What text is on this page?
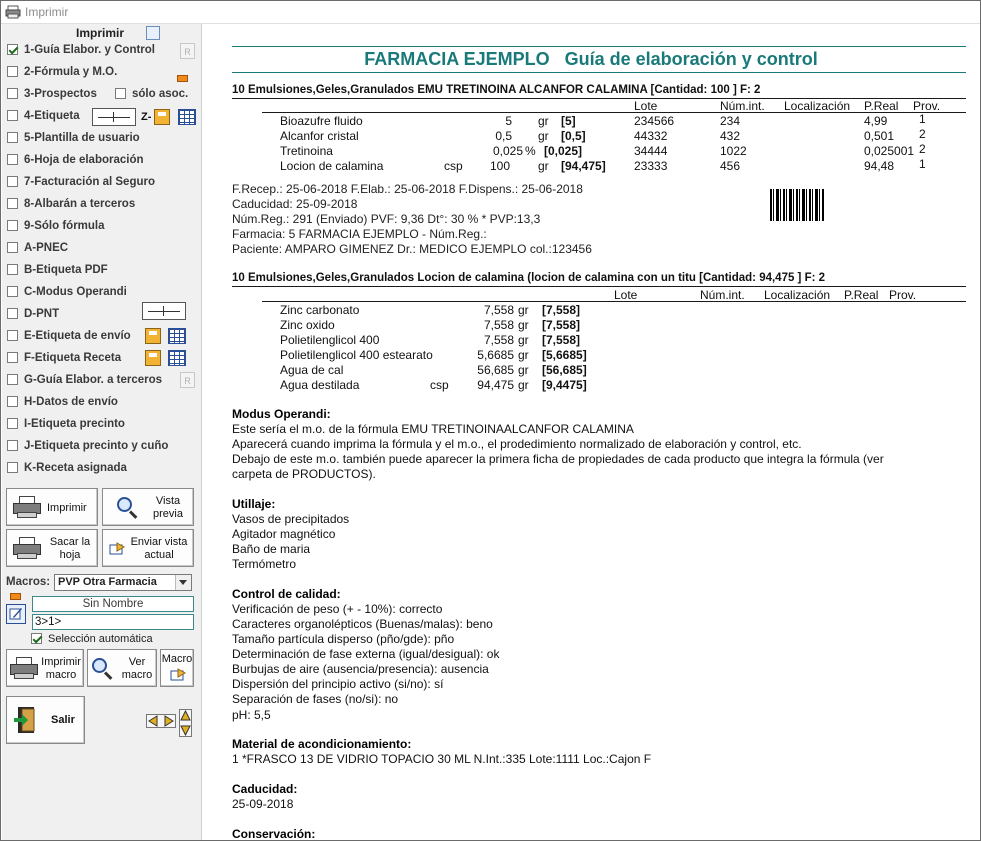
Imprimir
Imprimir
1-Guía Elabor. y Control	R
2-Fórmula y M.O.
3-Prospectos	sólo asoc.
4-Etiqueta	Z-
5-Plantilla de usuario
6-Hoja de elaboración
7-Facturación al Seguro
8-Albarán a terceros
9-Sólo fórmula
A-PNEC
B-Etiqueta PDF
C-Modus Operandi
D-PNT
E-Etiqueta de envío
F-Etiqueta Receta
G-Guía Elabor. a terceros	R
H-Datos de envío
I-Etiqueta precinto
J-Etiqueta precinto y cuño
K-Receta asignada
Imprimir
Vista
previa
Sacar la
hoja
Enviar vista
actual
Macros: PVP Otra Farmacia
Sin Nombre
3>1>
Selección automática
Imprimir
macro
Ver
macro
Macro
Salir
FARMACIA EJEMPLO Guía de elaboración y control
10 Emulsiones,Geles,Granulados EMU TRETINOINA ALCANFOR CALAMINA [Cantidad: 100 ] F: 2
Lote	Núm.int. Localización P.Real Prov.
Bioazufre fluido	5 gr [5]	234566	234	4,99	1
Alcanfor cristal	0,5 gr [0,5]	44332	432	0,501 2
Tretinoina	0,025 % [0,025]	34444	1022	0,025001 2
Locion de calamina	csp	100 gr [94,475] 23333	456	94,48 1
F.Recep.: 25-06-2018 F.Elab.: 25-06-2018 F.Dispens.: 25-06-2018
Caducidad: 25-09-2018
Núm.Reg.: 291 (Enviado) PVF: 9,36 Dt°: 30 % * PVP:13,3
Farmacia: 5 FARMACIA EJEMPLO - Núm.Reg.:
Paciente: AMPARO GIMENEZ Dr.: MEDICO EJEMPLO col.:123456
10 Emulsiones,Geles,Granulados Locion de calamina (locion de calamina con un titu [Cantidad: 94,475 ] F: 2
Lote	Núm.int. Localización P.Real Prov.
Zinc carbonato	7,558 gr [7,558]
Zinc oxido	7,558 gr [7,558]
Polietilenglicol 400	7,558 gr [7,558]
Polietilenglicol 400 estearato	5,6685 gr [5,6685]
Agua de cal	56,685 gr [56,685]
Agua destilada	csp	94,475 gr [9,4475]
Modus Operandi:
Este sería el m.o. de la fórmula EMU TRETINOINAALCANFOR CALAMINA
Aparecerá cuando imprima la fórmula y el m.o., el prodedimiento normalizado de elaboración y control, etc.
Debajo de este m.o. también puede aparecer la primera ficha de propiedades de cada producto que integra la fórmula (ver
carpeta de PRODUCTOS).
Utillaje:
Vasos de precipitados
Agitador magnético
Baño de maria
Termómetro
Control de calidad:
Verificación de peso (+ - 10%): correcto
Caracteres organolépticos (Buenas/malas): beno
Tamaño partícula disperso (pño/gde): pño
Determinación de fase externa (igual/desigual): ok
Burbujas de aire (ausencia/presencia): ausencia
Dispersión del principio activo (si/no): sí
Separación de fases (no/si): no
pH: 5,5
Material de acondicionamiento:
1 *FRASCO 13 DE VIDRIO TOPACIO 30 ML N.Int.:335 Lote:1111 Loc.:Cajon F
Caducidad:
25-09-2018
Conservación:
